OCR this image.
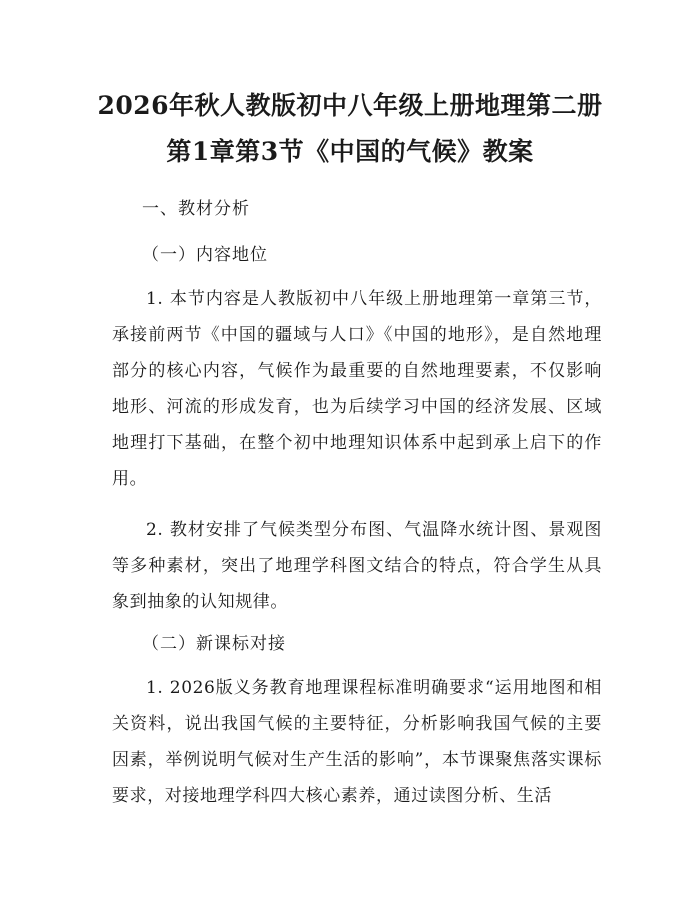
2026年秋人教版初中八年级上册地理第二册
第1章第3节《中国的气候》教案
一、教材分析
（一）内容地位
1. 本节内容是人教版初中八年级上册地理第一章第三节，承接前两节《中国的疆域与人口》《中国的地形》，是自然地理部分的核心内容，气候作为最重要的自然地理要素，不仅影响地形、河流的形成发育，也为后续学习中国的经济发展、区域地理打下基础，在整个初中地理知识体系中起到承上启下的作用。
2. 教材安排了气候类型分布图、气温降水统计图、景观图等多种素材，突出了地理学科图文结合的特点，符合学生从具象到抽象的认知规律。
（二）新课标对接
1. 2026版义务教育地理课程标准明确要求“运用地图和相关资料，说出我国气候的主要特征，分析影响我国气候的主要因素，举例说明气候对生产生活的影响”，本节课聚焦落实课标要求，对接地理学科四大核心素养，通过读图分析、生活
